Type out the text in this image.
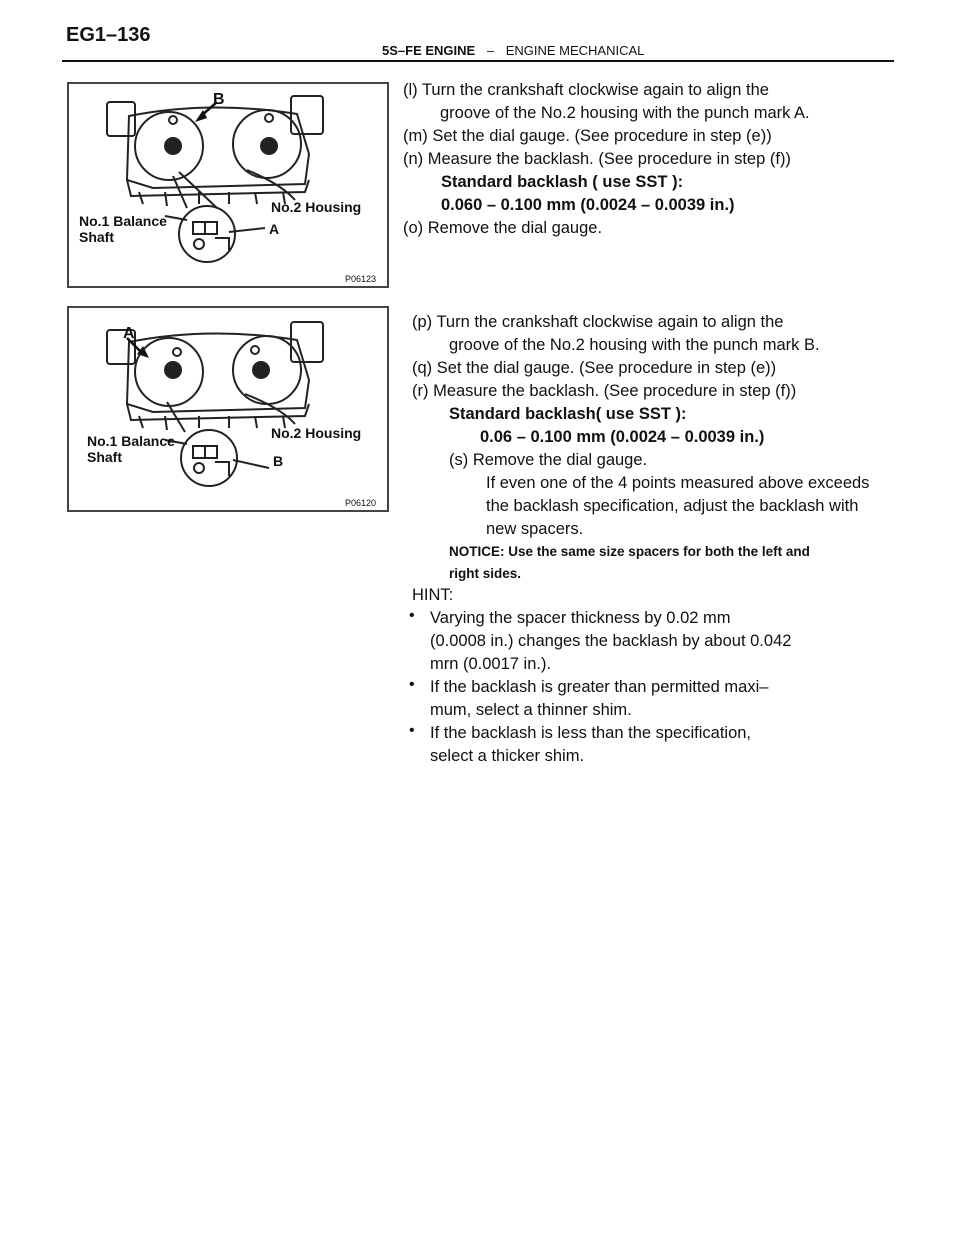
EG1–136
5S–FE ENGINE – ENGINE MECHANICAL
B
No.1 Balance
Shaft
No.2 Housing
A
P06123
(l) Turn the crankshaft clockwise again to align the
groove of the No.2 housing with the punch mark A.
(m) Set the dial gauge. (See procedure in step (e))
(n) Measure the backlash. (See procedure in step (f))
Standard backlash ( use SST ):
0.060 – 0.100 mm (0.0024 – 0.0039 in.)
(o) Remove the dial gauge.
A
No.1 Balance
Shaft
No.2 Housing
B
P06120
(p) Turn the crankshaft clockwise again to align the
groove of the No.2 housing with the punch mark B.
(q) Set the dial gauge. (See procedure in step (e))
(r) Measure the backlash. (See procedure in step (f))
Standard backlash( use SST ):
0.06 – 0.100 mm (0.0024 – 0.0039 in.)
(s) Remove the dial gauge.
If even one of the 4 points measured above exceeds
the backlash specification, adjust the backlash with
new spacers.
NOTICE: Use the same size spacers for both the left and
right sides.
HINT:
• Varying the spacer thickness by 0.02 mm
(0.0008 in.) changes the backlash by about 0.042
mrn (0.0017 in.).
• If the backlash is greater than permitted maxi–
mum, select a thinner shim.
• If the backlash is less than the specification,
select a thicker shim.
